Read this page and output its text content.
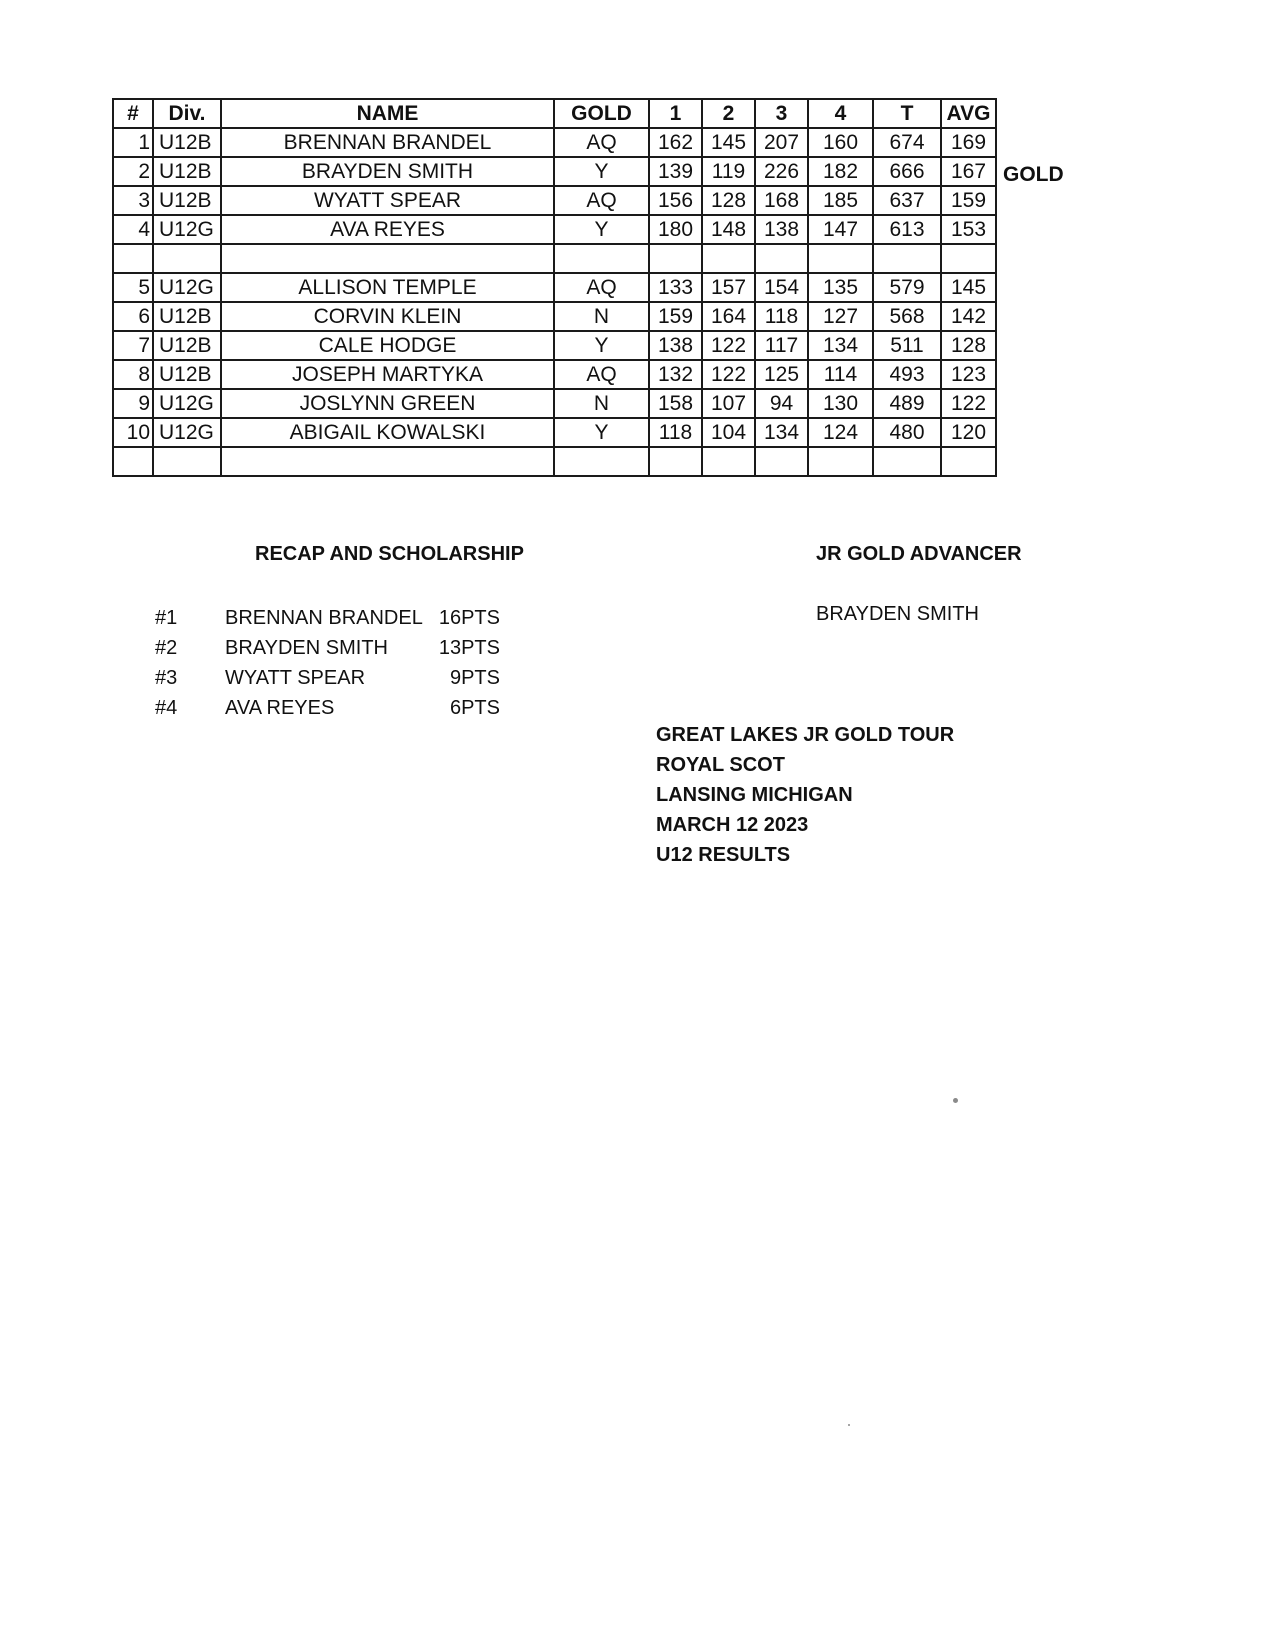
#	Div.	NAME	GOLD	1	2	3	4	T	AVG
1	U12B	BRENNAN BRANDEL	AQ	162	145	207	160	674	169
2	U12B	BRAYDEN SMITH	Y	139	119	226	182	666	167
3	U12B	WYATT SPEAR	AQ	156	128	168	185	637	159
4	U12G	AVA REYES	Y	180	148	138	147	613	153

5	U12G	ALLISON TEMPLE	AQ	133	157	154	135	579	145
6	U12B	CORVIN KLEIN	N	159	164	118	127	568	142
7	U12B	CALE HODGE	Y	138	122	117	134	511	128
8	U12B	JOSEPH MARTYKA	AQ	132	122	125	114	493	123
9	U12G	JOSLYNN GREEN	N	158	107	94	130	489	122
10	U12G	ABIGAIL KOWALSKI	Y	118	104	134	124	480	120

GOLD
RECAP AND SCHOLARSHIP
#1 BRENNAN BRANDEL 16PTS
#2 BRAYDEN SMITH	13PTS
#3 WYATT SPEAR	9PTS
#4 AVA REYES	6PTS
JR GOLD ADVANCER
BRAYDEN SMITH
GREAT LAKES JR GOLD TOUR
ROYAL SCOT
LANSING MICHIGAN
MARCH 12 2023
U12 RESULTS
